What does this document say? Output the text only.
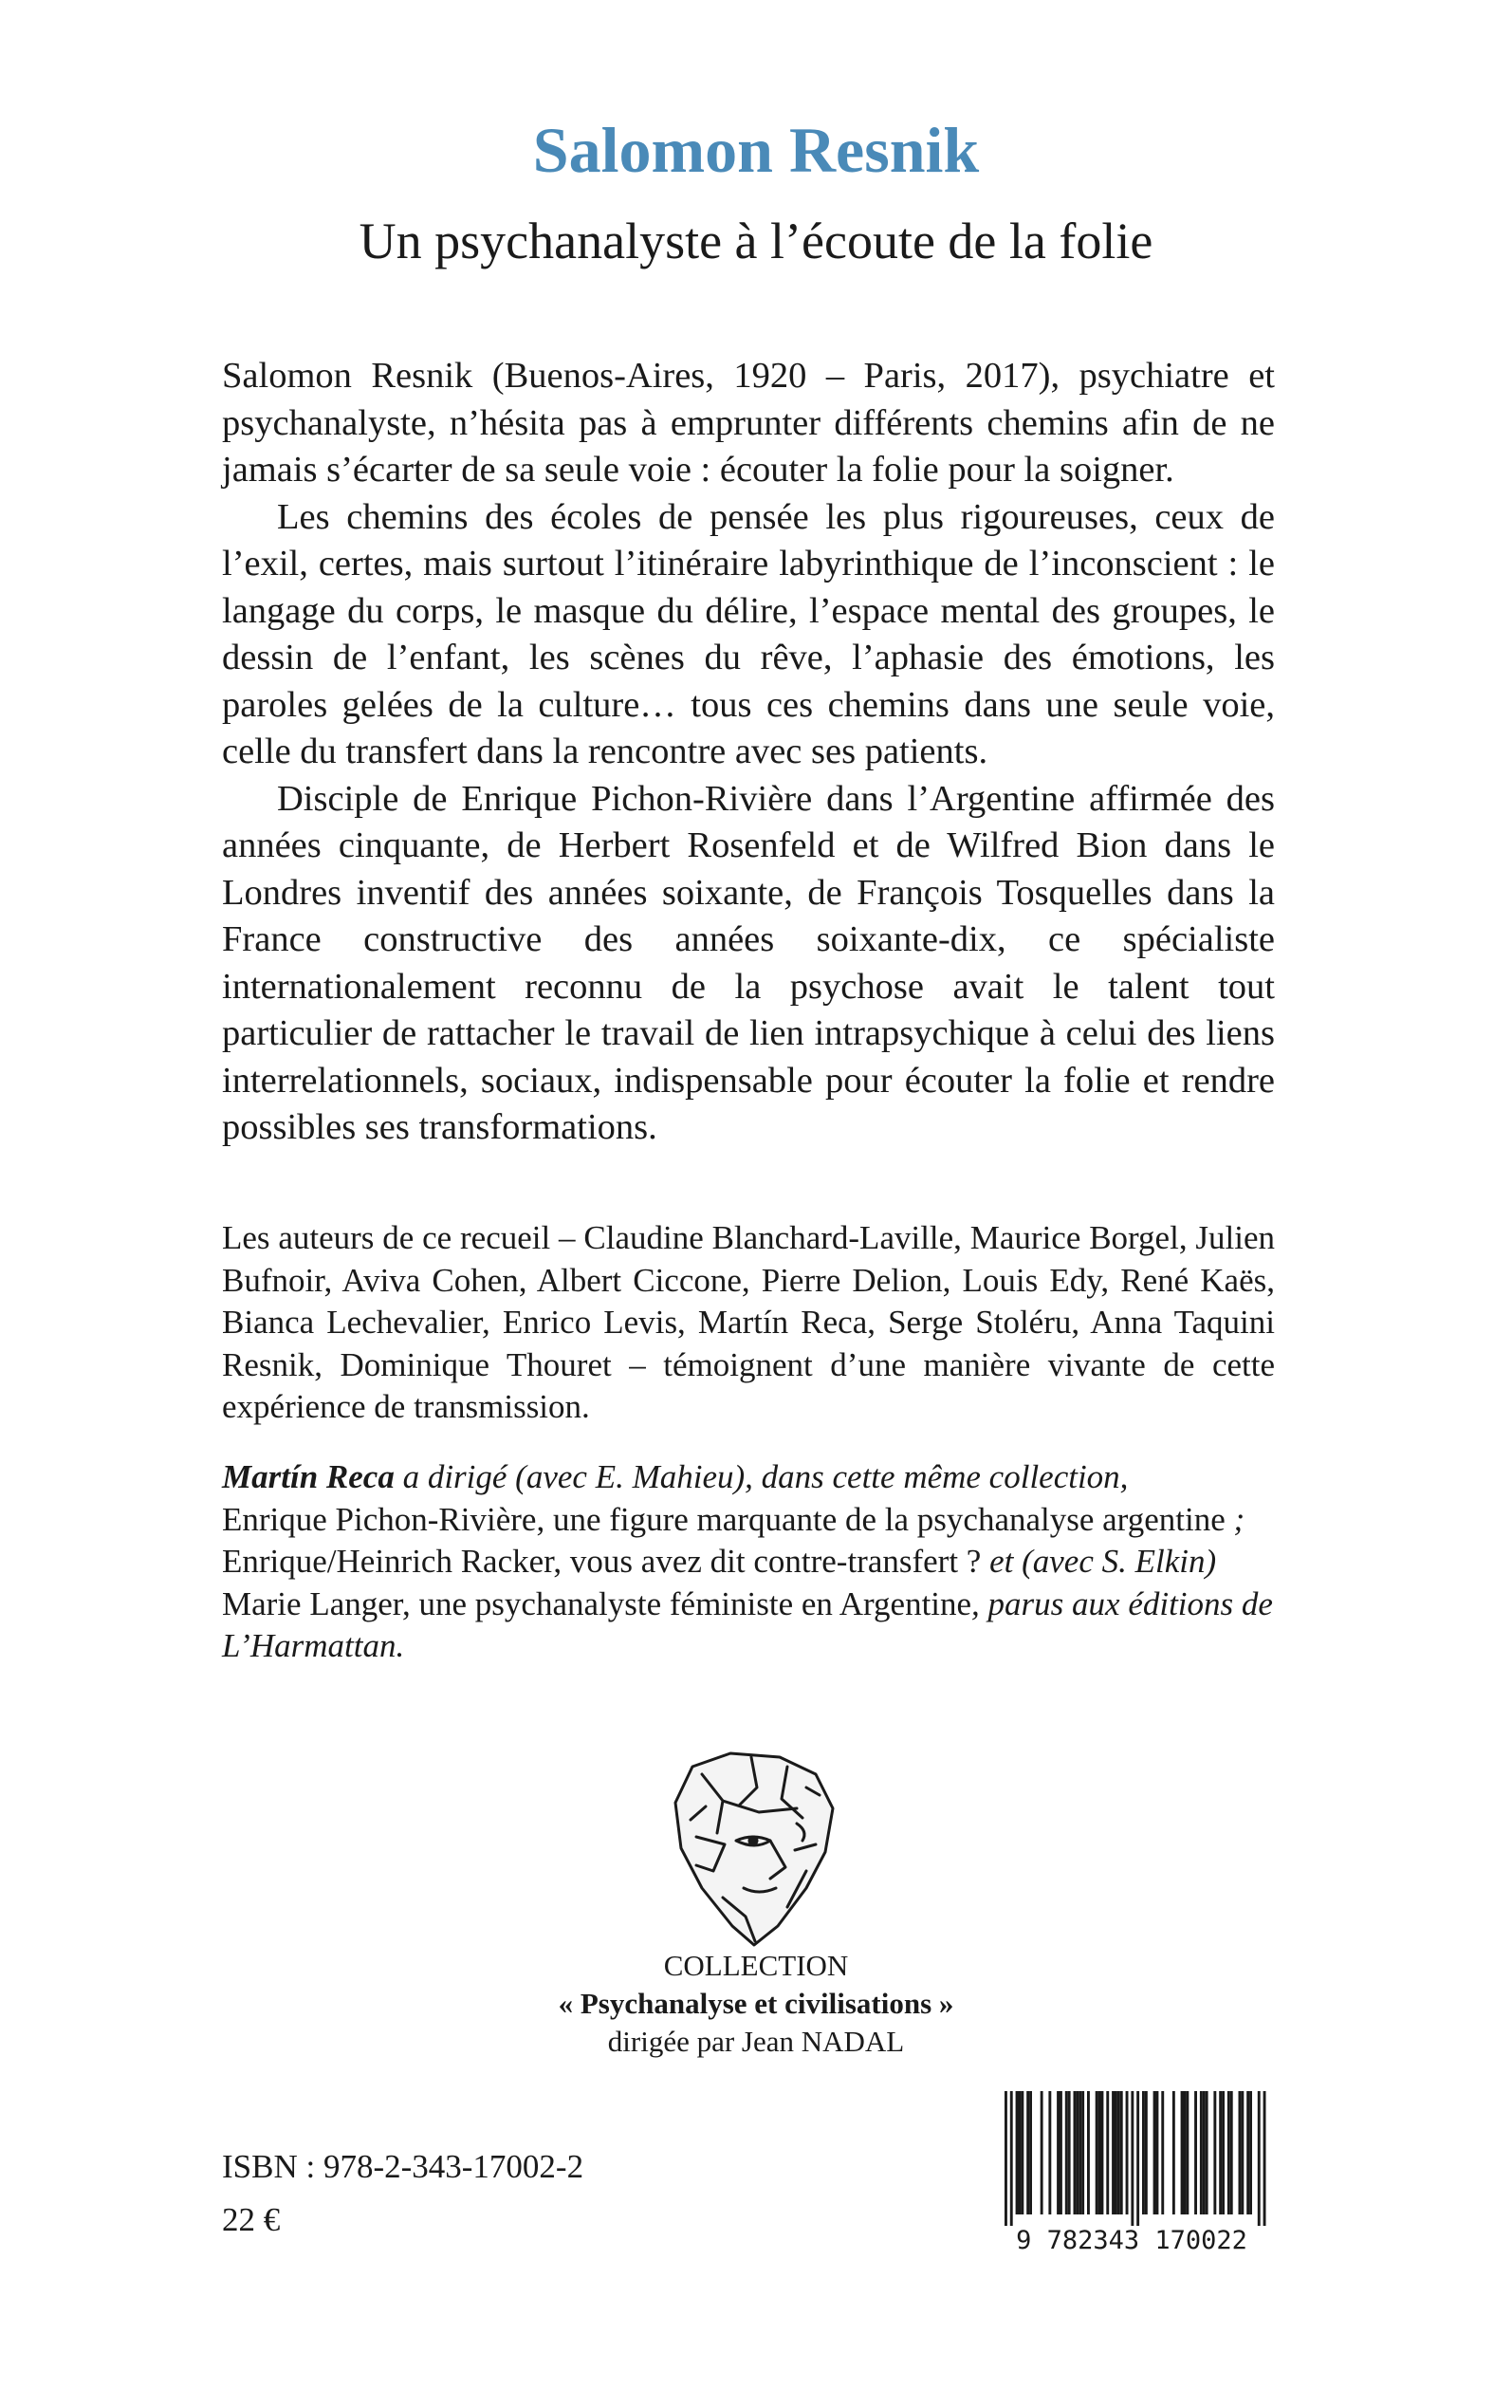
Salomon Resnik
Un psychanalyste à l’écoute de la folie

Salomon Resnik (Buenos-Aires, 1920 – Paris, 2017), psychiatre et psychanalyste, n’hésita pas à emprunter différents chemins afin de ne jamais s’écarter de sa seule voie : écouter la folie pour la soigner.

Les chemins des écoles de pensée les plus rigoureuses, ceux de l’exil, certes, mais surtout l’itinéraire labyrinthique de l’inconscient : le langage du corps, le masque du délire, l’espace mental des groupes, le dessin de l’enfant, les scènes du rêve, l’aphasie des émotions, les paroles gelées de la culture… tous ces chemins dans une seule voie, celle du transfert dans la rencontre avec ses patients.

Disciple de Enrique Pichon-Rivière dans l’Argentine affirmée des années cinquante, de Herbert Rosenfeld et de Wilfred Bion dans le Londres inventif des années soixante, de François Tosquelles dans la France constructive des années soixante-dix, ce spécialiste internationalement reconnu de la psychose avait le talent tout particulier de rattacher le travail de lien intrapsychique à celui des liens interrelationnels, sociaux, indispensable pour écouter la folie et rendre possibles ses transformations.

Les auteurs de ce recueil – Claudine Blanchard-Laville, Maurice Borgel, Julien Bufnoir, Aviva Cohen, Albert Ciccone, Pierre Delion, Louis Edy, René Kaës, Bianca Lechevalier, Enrico Levis, Martín Reca, Serge Stoléru, Anna Taquini Resnik, Dominique Thouret – témoignent d’une manière vivante de cette expérience de transmission.

Martín Reca a dirigé (avec E. Mahieu), dans cette même collection,
Enrique Pichon-Rivière, une figure marquante de la psychanalyse argentine ;
Enrique/Heinrich Racker, vous avez dit contre-transfert ? et (avec S. Elkin)
Marie Langer, une psychanalyste féministe en Argentine, parus aux éditions de L’Harmattan.

COLLECTION
« Psychanalyse et civilisations »
dirigée par Jean NADAL
ISBN : 978-2-343-17002-2
22 €
9 782343 170022
